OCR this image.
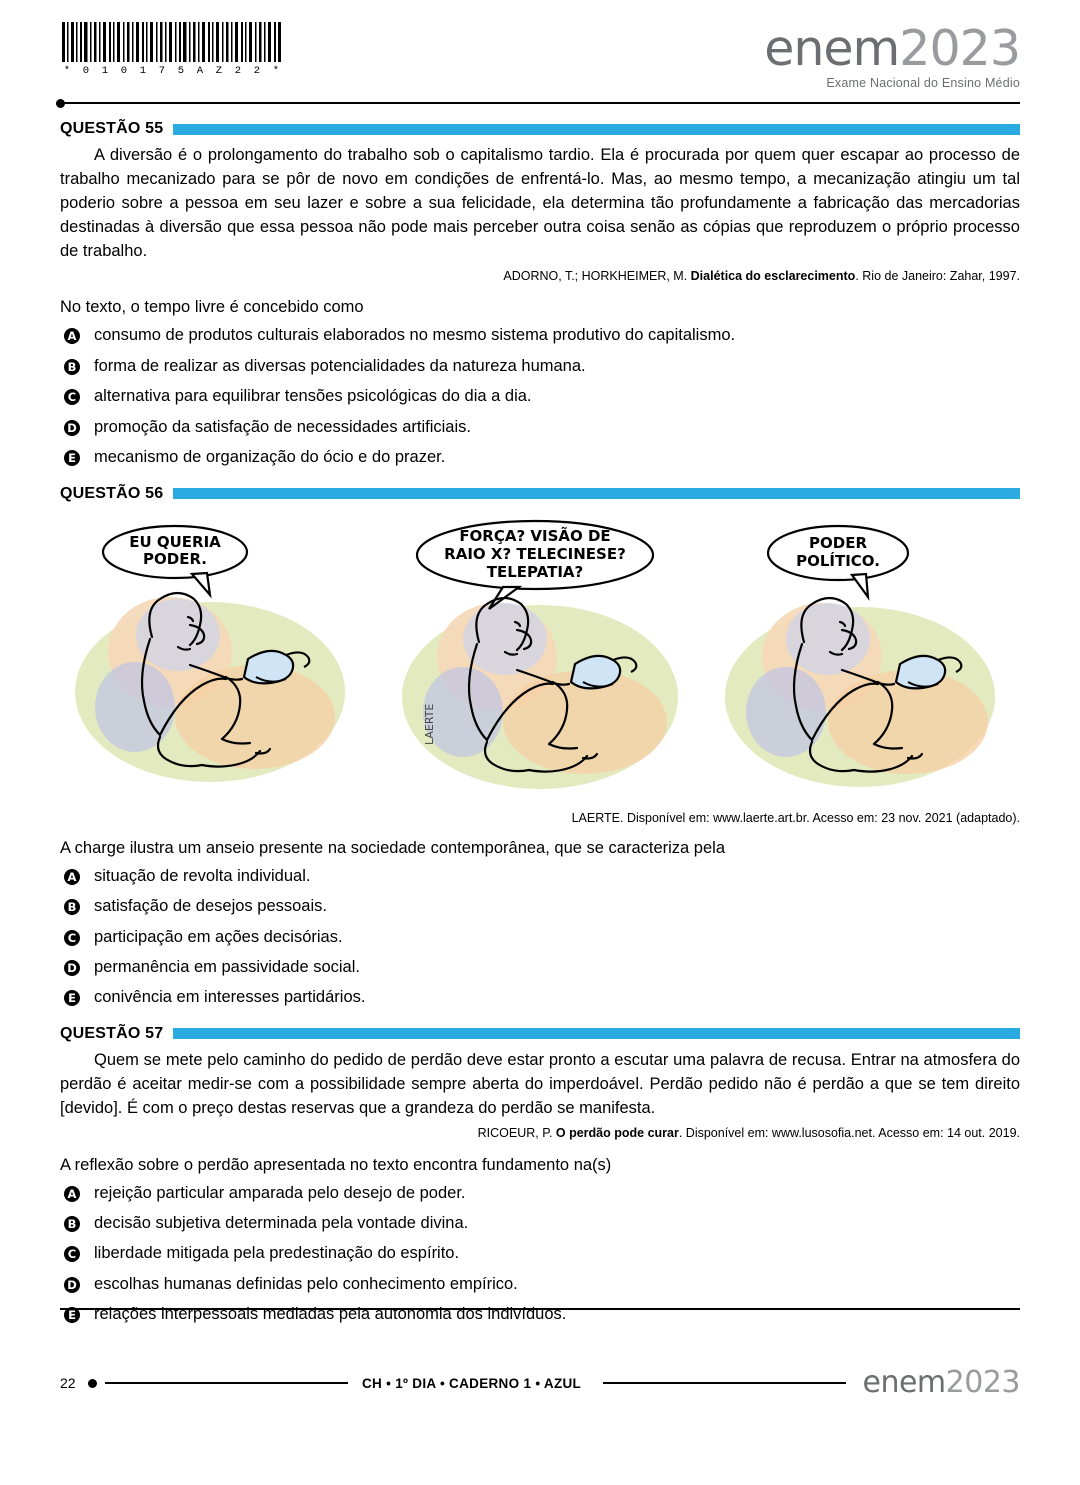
* 0 1 0 1 7 5 A Z 2 2 *	enem2023
Exame Nacional do Ensino Médio
QUESTÃO 55

A diversão é o prolongamento do trabalho sob o capitalismo tardio. Ela é procurada por quem quer escapar ao processo de trabalho mecanizado para se pôr de novo em condições de enfrentá-lo. Mas, ao mesmo tempo, a mecanização atingiu um tal poderio sobre a pessoa em seu lazer e sobre a sua felicidade, ela determina tão profundamente a fabricação das mercadorias destinadas à diversão que essa pessoa não pode mais perceber outra coisa senão as cópias que reproduzem o próprio processo de trabalho.

ADORNO, T.; HORKHEIMER, M. Dialética do esclarecimento. Rio de Janeiro: Zahar, 1997.

No texto, o tempo livre é concebido como

A consumo de produtos culturais elaborados no mesmo sistema produtivo do capitalismo.
B forma de realizar as diversas potencialidades da natureza humana.
C alternativa para equilibrar tensões psicológicas do dia a dia.
D promoção da satisfação de necessidades artificiais.
E mecanismo de organização do ócio e do prazer.
QUESTÃO 56
EU QUERIA
PODER.
FORÇA? VISÃO DE
RAIO X? TELECINESE?
TELEPATIA?
LAERTE
PODER
POLÍTICO.
LAERTE. Disponível em: www.laerte.art.br. Acesso em: 23 nov. 2021 (adaptado).

A charge ilustra um anseio presente na sociedade contemporânea, que se caracteriza pela

A situação de revolta individual.
B satisfação de desejos pessoais.
C participação em ações decisórias.
D permanência em passividade social.
E conivência em interesses partidários.
QUESTÃO 57

Quem se mete pelo caminho do pedido de perdão deve estar pronto a escutar uma palavra de recusa. Entrar na atmosfera do perdão é aceitar medir-se com a possibilidade sempre aberta do imperdoável. Perdão pedido não é perdão a que se tem direito [devido]. É com o preço destas reservas que a grandeza do perdão se manifesta.

RICOEUR, P. O perdão pode curar. Disponível em: www.lusosofia.net. Acesso em: 14 out. 2019.

A reflexão sobre o perdão apresentada no texto encontra fundamento na(s)

A rejeição particular amparada pelo desejo de poder.
B decisão subjetiva determinada pela vontade divina.
C liberdade mitigada pela predestinação do espírito.
D escolhas humanas definidas pelo conhecimento empírico.
E relações interpessoais mediadas pela autonomia dos indivíduos.
22	CH • 1º DIA • CADERNO 1 • AZUL	enem2023
